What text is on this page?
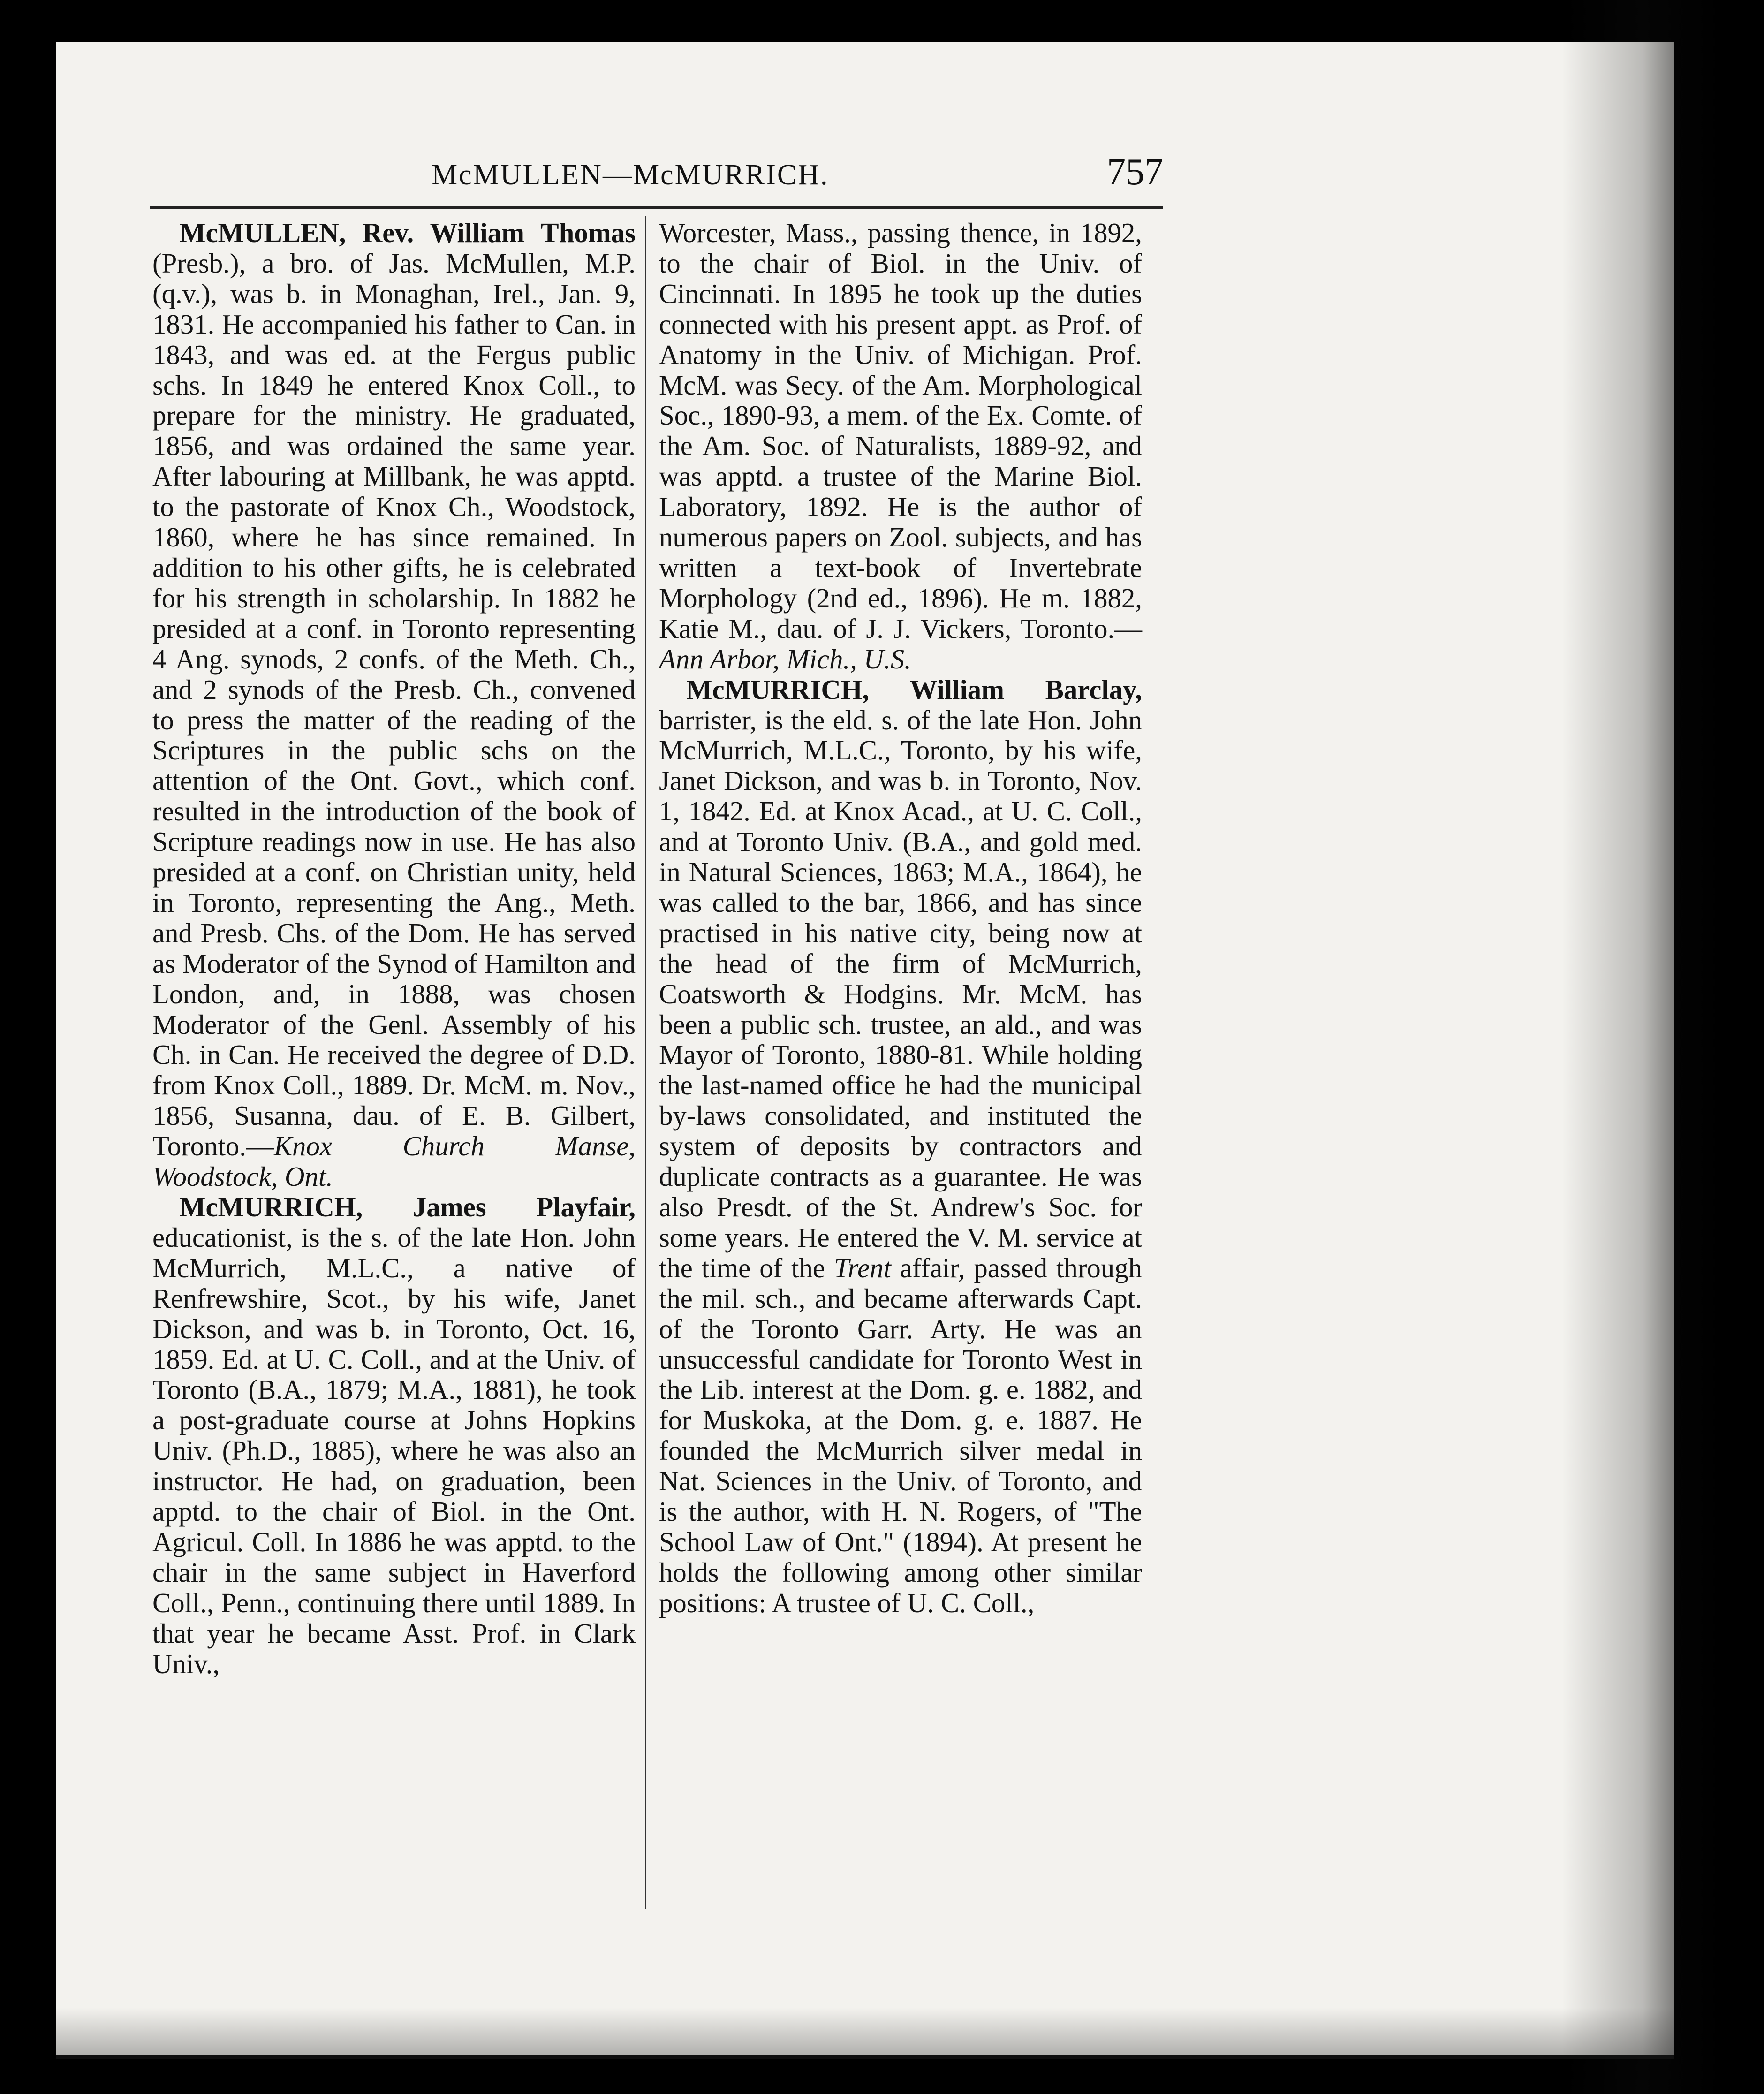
McMULLEN—McMURRICH.	757

McMULLEN, Rev. William Thomas (Presb.), a bro. of Jas. McMullen, M.P. (q.v.), was b. in Monaghan, Irel., Jan. 9, 1831. He accompanied his father to Can. in 1843, and was ed. at the Fergus public schs. In 1849 he entered Knox Coll., to prepare for the ministry. He graduated, 1856, and was ordained the same year. After labouring at Millbank, he was apptd. to the pastorate of Knox Ch., Woodstock, 1860, where he has since remained. In addition to his other gifts, he is celebrated for his strength in scholarship. In 1882 he presided at a conf. in Toronto representing 4 Ang. synods, 2 confs. of the Meth. Ch., and 2 synods of the Presb. Ch., convened to press the matter of the reading of the Scriptures in the public schs on the attention of the Ont. Govt., which conf. resulted in the introduction of the book of Scripture readings now in use. He has also presided at a conf. on Christian unity, held in Toronto, representing the Ang., Meth. and Presb. Chs. of the Dom. He has served as Moderator of the Synod of Hamilton and London, and, in 1888, was chosen Moderator of the Genl. Assembly of his Ch. in Can. He received the degree of D.D. from Knox Coll., 1889. Dr. McM. m. Nov., 1856, Susanna, dau. of E. B. Gilbert, Toronto.—Knox Church Manse, Woodstock, Ont.

McMURRICH, James Playfair, educationist, is the s. of the late Hon. John McMurrich, M.L.C., a native of Renfrewshire, Scot., by his wife, Janet Dickson, and was b. in Toronto, Oct. 16, 1859. Ed. at U. C. Coll., and at the Univ. of Toronto (B.A., 1879; M.A., 1881), he took a post-graduate course at Johns Hopkins Univ. (Ph.D., 1885), where he was also an instructor. He had, on graduation, been apptd. to the chair of Biol. in the Ont. Agricul. Coll. In 1886 he was apptd. to the chair in the same subject in Haverford Coll., Penn., continuing there until 1889. In that year he became Asst. Prof. in Clark Univ.,

Worcester, Mass., passing thence, in 1892, to the chair of Biol. in the Univ. of Cincinnati. In 1895 he took up the duties connected with his present appt. as Prof. of Anatomy in the Univ. of Michigan. Prof. McM. was Secy. of the Am. Morphological Soc., 1890-93, a mem. of the Ex. Comte. of the Am. Soc. of Naturalists, 1889-92, and was apptd. a trustee of the Marine Biol. Laboratory, 1892. He is the author of numerous papers on Zool. subjects, and has written a text-book of Invertebrate Morphology (2nd ed., 1896). He m. 1882, Katie M., dau. of J. J. Vickers, Toronto.—Ann Arbor, Mich., U.S.

McMURRICH, William Barclay, barrister, is the eld. s. of the late Hon. John McMurrich, M.L.C., Toronto, by his wife, Janet Dickson, and was b. in Toronto, Nov. 1, 1842. Ed. at Knox Acad., at U. C. Coll., and at Toronto Univ. (B.A., and gold med. in Natural Sciences, 1863; M.A., 1864), he was called to the bar, 1866, and has since practised in his native city, being now at the head of the firm of McMurrich, Coatsworth & Hodgins. Mr. McM. has been a public sch. trustee, an ald., and was Mayor of Toronto, 1880-81. While holding the last-named office he had the municipal by-laws consolidated, and instituted the system of deposits by contractors and duplicate contracts as a guarantee. He was also Presdt. of the St. Andrew's Soc. for some years. He entered the V. M. service at the time of the Trent affair, passed through the mil. sch., and became afterwards Capt. of the Toronto Garr. Arty. He was an unsuccessful candidate for Toronto West in the Lib. interest at the Dom. g. e. 1882, and for Muskoka, at the Dom. g. e. 1887. He founded the McMurrich silver medal in Nat. Sciences in the Univ. of Toronto, and is the author, with H. N. Rogers, of "The School Law of Ont." (1894). At present he holds the following among other similar positions: A trustee of U. C. Coll.,
